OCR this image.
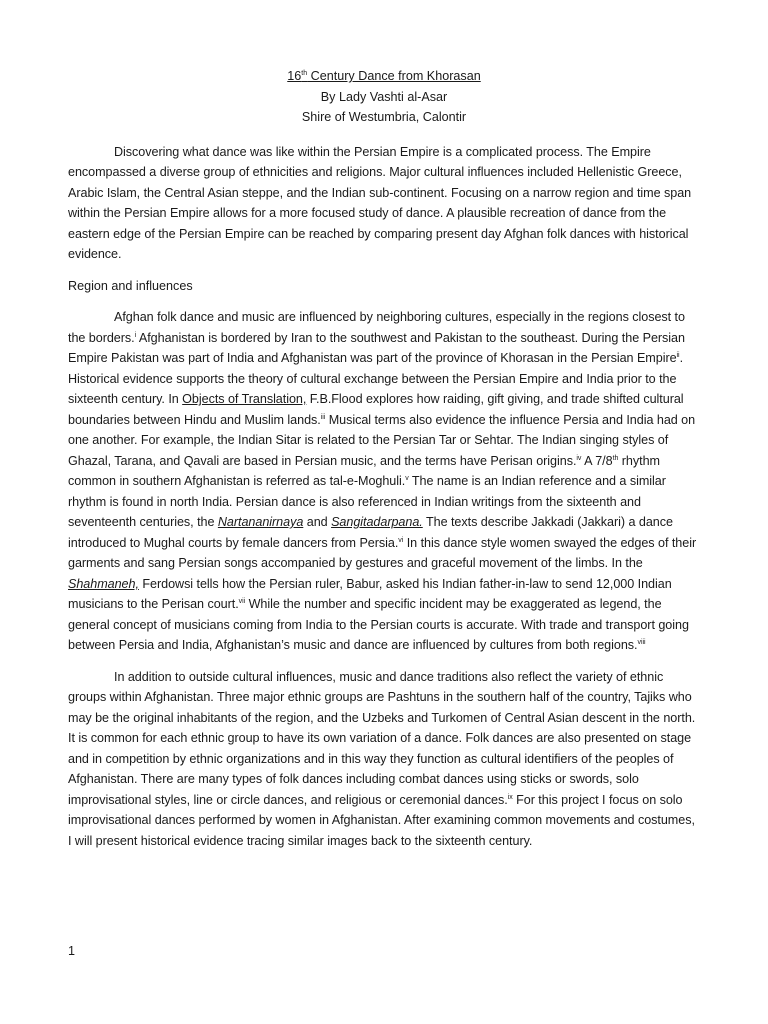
16th Century Dance from Khorasan
By Lady Vashti al-Asar
Shire of Westumbria, Calontir

Discovering what dance was like within the Persian Empire is a complicated process. The Empire encompassed a diverse group of ethnicities and religions. Major cultural influences included Hellenistic Greece, Arabic Islam, the Central Asian steppe, and the Indian sub-continent. Focusing on a narrow region and time span within the Persian Empire allows for a more focused study of dance. A plausible recreation of dance from the eastern edge of the Persian Empire can be reached by comparing present day Afghan folk dances with historical evidence.

Region and influences

Afghan folk dance and music are influenced by neighboring cultures, especially in the regions closest to the borders.$^i$ Afghanistan is bordered by Iran to the southwest and Pakistan to the southeast. During the Persian Empire Pakistan was part of India and Afghanistan was part of the province of Khorasan in the Persian Empire$^{ii}$. Historical evidence supports the theory of cultural exchange between the Persian Empire and India prior to the sixteenth century. In Objects of Translation, F.B.Flood explores how raiding, gift giving, and trade shifted cultural boundaries between Hindu and Muslim lands.$^{iii}$ Musical terms also evidence the influence Persia and India had on one another. For example, the Indian Sitar is related to the Persian Tar or Sehtar. The Indian singing styles of Ghazal, Tarana, and Qavali are based in Persian music, and the terms have Perisan origins.$^{iv}$ A 7/8th rhythm common in southern Afghanistan is referred as tal-e-Moghuli.$^v$ The name is an Indian reference and a similar rhythm is found in north India. Persian dance is also referenced in Indian writings from the sixteenth and seventeenth centuries, the Nartananirnaya and Sangitadarpana. The texts describe Jakkadi (Jakkari) a dance introduced to Mughal courts by female dancers from Persia.$^{vi}$ In this dance style women swayed the edges of their garments and sang Persian songs accompanied by gestures and graceful movement of the limbs. In the Shahmaneh, Ferdowsi tells how the Persian ruler, Babur, asked his Indian father-in-law to send 12,000 Indian musicians to the Perisan court.$^{vii}$ While the number and specific incident may be exaggerated as legend, the general concept of musicians coming from India to the Persian courts is accurate. With trade and transport going between Persia and India, Afghanistan’s music and dance are influenced by cultures from both regions.$^{viii}$

In addition to outside cultural influences, music and dance traditions also reflect the variety of ethnic groups within Afghanistan. Three major ethnic groups are Pashtuns in the southern half of the country, Tajiks who may be the original inhabitants of the region, and the Uzbeks and Turkomen of Central Asian descent in the north. It is common for each ethnic group to have its own variation of a dance. Folk dances are also presented on stage and in competition by ethnic organizations and in this way they function as cultural identifiers of the peoples of Afghanistan. There are many types of folk dances including combat dances using sticks or swords, solo improvisational styles, line or circle dances, and religious or ceremonial dances.$^{ix}$ For this project I focus on solo improvisational dances performed by women in Afghanistan. After examining common movements and costumes, I will present historical evidence tracing similar images back to the sixteenth century.

1
